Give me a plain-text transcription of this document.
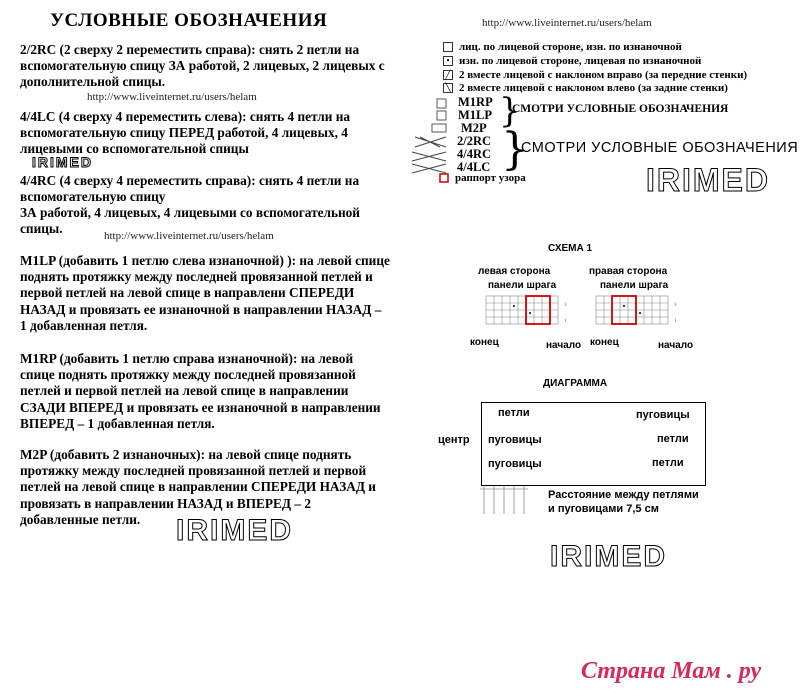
УСЛОВНЫЕ ОБОЗНАЧЕНИЯ
2/2RC (2 сверху 2 переместить справа): снять 2 петли на вспомогательную спицу ЗА работой, 2 лицевых, 2 лицевых с дополнительной спицы.
http://www.liveinternet.ru/users/helam
4/4LC (4 сверху 4 переместить слева): снять 4 петли на вспомогательную спицу ПЕРЕД работой, 4 лицевых, 4 лицевыми со вспомогательной спицы
IRIMED
4/4RC (4 сверху 4 переместить справа): снять 4 петли на вспомогательную спицу
ЗА работой, 4 лицевых, 4 лицевыми со вспомогательной спицы.	http://www.liveinternet.ru/users/helam
M1LP (добавить 1 петлю слева изнаночной) ): на левой спице поднять протяжку между последней провязанной петлей и первой петлей на левой спице в направлени СПЕРЕДИ НАЗАД и провязать ее изнаночной в направлении НАЗАД – 1 добавленная петля.
M1RP (добавить 1 петлю справа изнаночной): на левой спице поднять протяжку между последней провязанной петлей и первой петлей на левой спице в направлении СЗАДИ ВПЕРЕД и провязать ее изнаночной в направлении ВПЕРЕД – 1 добавленная петля.
M2P (добавить 2 изнаночных): на левой спице поднять протяжку между последней провязанной петлей и первой петлей на левой спице в направлении СПЕРЕДИ НАЗАД и провязать в направлении НАЗАД и ВПЕРЕД – 2 добавленные петли.	IRIMED
http://www.liveinternet.ru/users/helam
лиц. по лицевой стороне, изн. по изнаночной
• изн. по лицевой стороне, лицевая по изнаночной
╱ 2 вместе лицевой с наклоном вправо (за передние стенки)
╲ 2 вместе лицевой с наклоном влево (за задние стенки)
M1RP
M1LP
M2P
2/2RC
4/4RC
4/4LC
}
}
СМОТРИ УСЛОВНЫЕ ОБОЗНАЧЕНИЯ
СМОТРИ УСЛОВНЫЕ ОБОЗНАЧЕНИЯ
раппорт узора	IRIMED
СХЕМА 1
левая сторона
панели шрага
правая сторона
панели шрага
3
1
3
1
конец	начало конец	начало
ДИАГРАММА
центр
петли
пуговицы
пуговицы
пуговицы
петли
петли
Расстояние между петлями
и пуговицами 7,5 см
IRIMED
Страна Мам . ру
